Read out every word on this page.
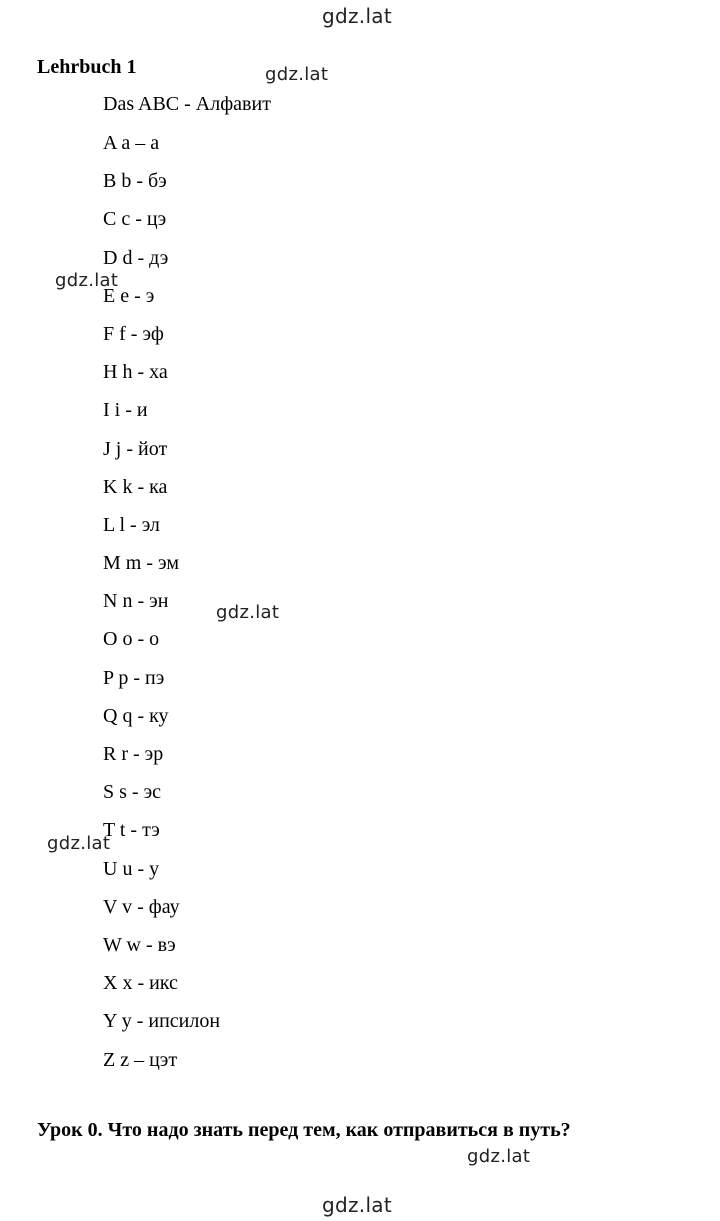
gdz.lat
gdz.lat
gdz.lat
gdz.lat
gdz.lat
gdz.lat
gdz.lat
Lehrbuch 1
Das ABC - Алфавит
A a – a
B b - бэ
C c - цэ
D d - дэ
E e - э
F f - эф
H h - ха
I i - и
J j - йот
K k - ка
L l - эл
M m - эм
N n - эн
O o - о
P p - пэ
Q q - ку
R r - эр
S s - эс
T t - тэ
U u - у
V v - фау
W w - вэ
X x - икс
Y y - ипсилон
Z z – цэт
Урок 0. Что надо знать перед тем, как отправиться в путь?
